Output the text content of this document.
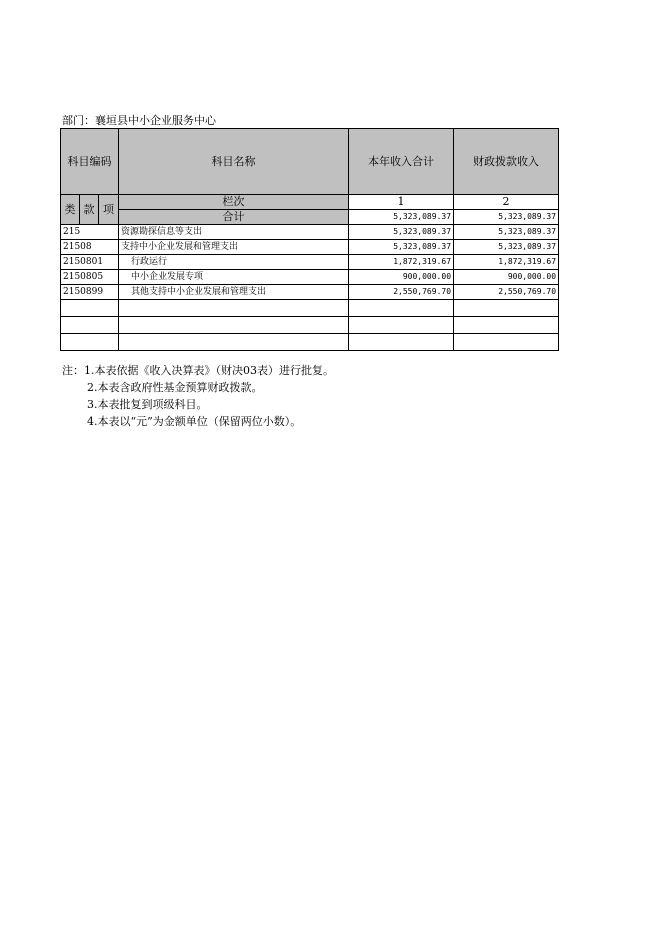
部门：襄垣县中小企业服务中心
科目编码			科目名称	本年收入合计	财政拨款收入
类	款	项	栏次	1	2
			合计	5,323,089.37	5,323,089.37
215			资源勘探信息等支出	5,323,089.37	5,323,089.37
21508			支持中小企业发展和管理支出	5,323,089.37	5,323,089.37
2150801			行政运行	1,872,319.67	1,872,319.67
2150805			中小企业发展专项	900,000.00	900,000.00
2150899			其他支持中小企业发展和管理支出	2,550,769.70	2,550,769.70

注：1.本表依据《收入决算表》（财决03表）进行批复。
2.本表含政府性基金预算财政拨款。
3.本表批复到项级科目。
4.本表以“元”为金额单位（保留两位小数）。
